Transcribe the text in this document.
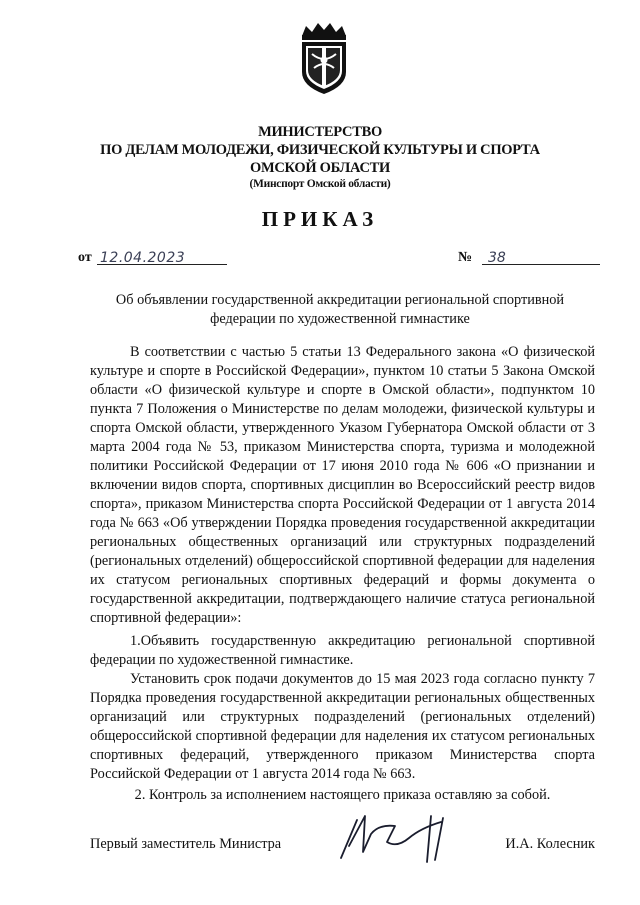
МИНИСТЕРСТВО
ПО ДЕЛАМ МОЛОДЕЖИ, ФИЗИЧЕСКОЙ КУЛЬТУРЫ И СПОРТА
ОМСКОЙ ОБЛАСТИ
(Минспорт Омской области)
ПРИКАЗ
от 12.04.2023	№ 38
Об объявлении государственной аккредитации региональной спортивной федерации по художественной гимнастике

В соответствии с частью 5 статьи 13 Федерального закона «О физической культуре и спорте в Российской Федерации», пунктом 10 статьи 5 Закона Омской области «О физической культуре и спорте в Омской области», подпунктом 10 пункта 7 Положения о Министерстве по делам молодежи, физической культуры и спорта Омской области, утвержденного Указом Губернатора Омской области от 3 марта 2004 года № 53, приказом Министерства спорта, туризма и молодежной политики Российской Федерации от 17 июня 2010 года № 606 «О признании и включении видов спорта, спортивных дисциплин во Всероссийский реестр видов спорта», приказом Министерства спорта Российской Федерации от 1 августа 2014 года № 663 «Об утверждении Порядка проведения государственной аккредитации региональных общественных организаций или структурных подразделений (региональных отделений) общероссийской спортивной федерации для наделения их статусом региональных спортивных федераций и формы документа о государственной аккредитации, подтверждающего наличие статуса региональной спортивной федерации»:

1.Объявить государственную аккредитацию региональной спортивной федерации по художественной гимнастике.

Установить срок подачи документов до 15 мая 2023 года согласно пункту 7 Порядка проведения государственной аккредитации региональных общественных организаций или структурных подразделений (региональных отделений) общероссийской спортивной федерации для наделения их статусом региональных спортивных федераций, утвержденного приказом Министерства спорта Российской Федерации от 1 августа 2014 года № 663.

2. Контроль за исполнением настоящего приказа оставляю за собой.

Первый заместитель Министра	И.А. Колесник
